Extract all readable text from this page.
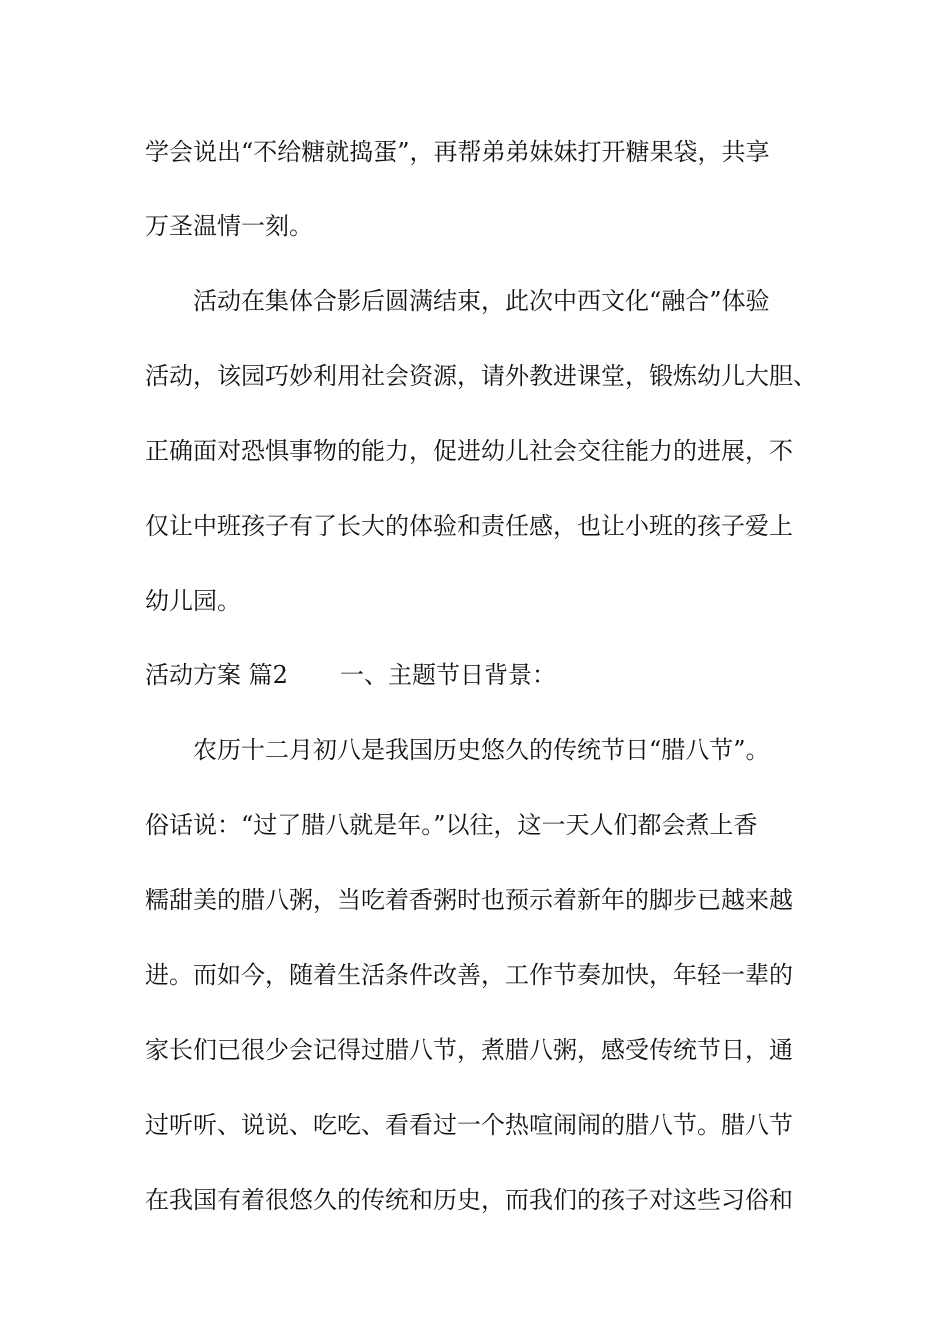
学会说出“不给糖就捣蛋”，再帮弟弟妹妹打开糖果袋，共享
万圣温情一刻。
活动在集体合影后圆满结束，此次中西文化“融合”体验
活动，该园巧妙利用社会资源，请外教进课堂，锻炼幼儿大胆、
正确面对恐惧事物的能力，促进幼儿社会交往能力的进展，不
仅让中班孩子有了长大的体验和责任感，也让小班的孩子爱上
幼儿园。
活动方案 篇2 一、主题节日背景：
农历十二月初八是我国历史悠久的传统节日“腊八节”。
俗话说：“过了腊八就是年。”以往，这一天人们都会煮上香
糯甜美的腊八粥，当吃着香粥时也预示着新年的脚步已越来越
进。而如今，随着生活条件改善，工作节奏加快，年轻一辈的
家长们已很少会记得过腊八节，煮腊八粥，感受传统节日，通
过听听、说说、吃吃、看看过一个热喧闹闹的腊八节。腊八节
在我国有着很悠久的传统和历史，而我们的孩子对这些习俗和
